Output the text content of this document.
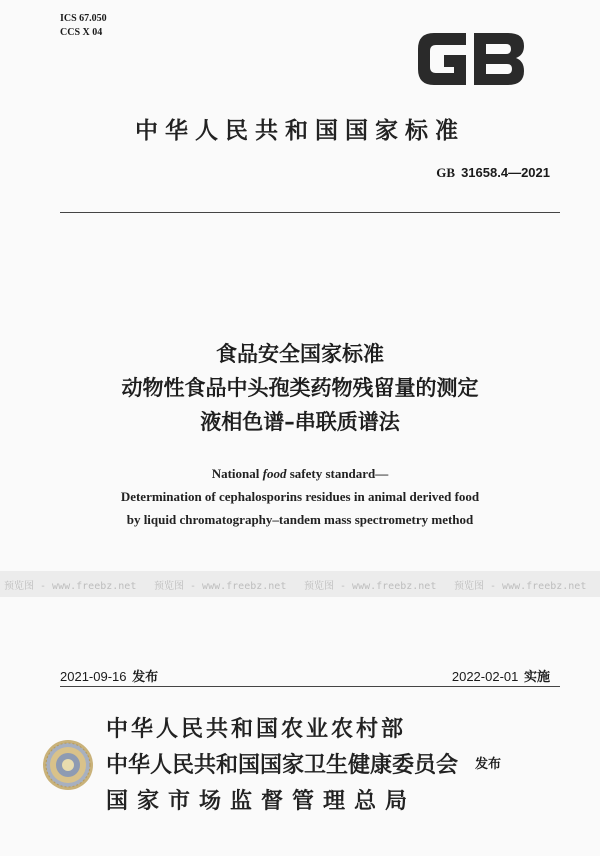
ICS 67.050
CCS X 04
中华人民共和国国家标准
GB 31658.4—2021
食品安全国家标准
动物性食品中头孢类药物残留量的测定
液相色谱–串联质谱法
National food safety standard—
Determination of cephalosporins residues in animal derived food
by liquid chromatography–tandem mass spectrometry method
预览图 - www.freebz.net	预览图 - www.freebz.net	预览图 - www.freebz.net	预览图 - www.freebz.net
2021-09-16 发布	2022-02-01 实施
中华人民共和国农业农村部
中华人民共和国国家卫生健康委员会
国家市场监督管理总局
发布
